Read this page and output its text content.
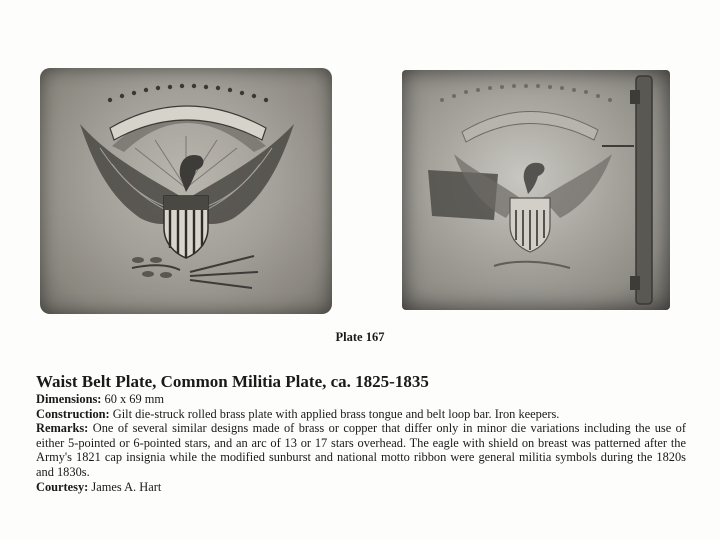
Plate 167
Waist Belt Plate, Common Militia Plate, ca. 1825-1835

Dimensions: 60 x 69 mm

Construction: Gilt die-struck rolled brass plate with applied brass tongue and belt loop bar. Iron keepers.

Remarks: One of several similar designs made of brass or copper that differ only in minor die variations including the use of either 5-pointed or 6-pointed stars, and an arc of 13 or 17 stars overhead. The eagle with shield on breast was patterned after the Army's 1821 cap insignia while the modified sunburst and national motto ribbon were general militia symbols during the 1820s and 1830s.

Courtesy: James A. Hart
